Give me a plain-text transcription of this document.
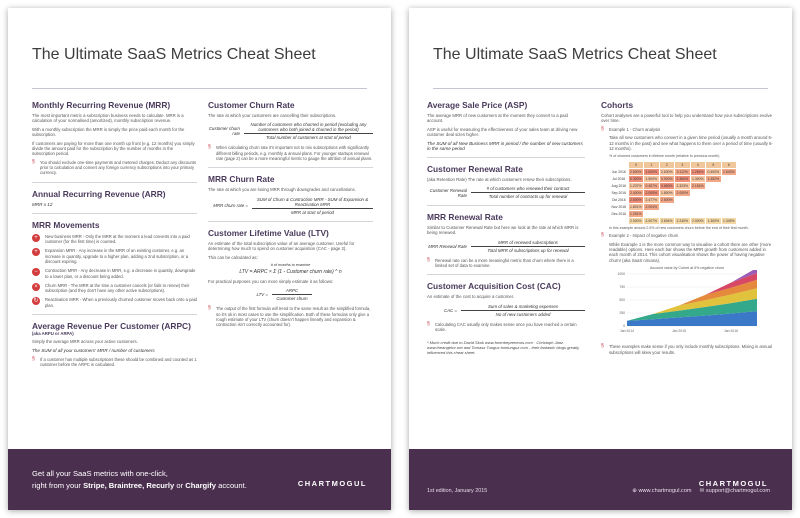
The Ultimate SaaS Metrics Cheat Sheet
Monthly Recurring Revenue (MRR)
The most important metric a subscription business needs to calculate. MRR is a calculation of your normalised (amortized), monthly subscription revenue.
With a monthly subscription the MRR is simply the price paid each month for the subscription.
If customers are paying for more than one month up front (e.g. 12 months) you simply divide the amount paid for the subscription by the number of months in the subscription period.
§	You should exclude one-time payments and metered charges. Deduct any discounts prior to calculation and convert any foreign currency subscriptions into your primary currency.
Annual Recurring Revenue (ARR)
MRR x 12
MRR Movements
+	New business MRR - Only the MRR at the moment a lead converts into a paid customer (for the first time) is counted.
+	Expansion MRR - Any increase in the MRR of an existing customer, e.g. an increase in quantity, upgrade to a higher plan, adding a 2nd subscription, or a discount expiring.
−	Contraction MRR - Any decrease in MRR, e.g. a decrease in quantity, downgrade to a lower plan, or a discount being added.
×	Churn MRR - The MRR at the time a customer cancels (or fails to renew) their subscription (and they don't have any other active subscriptions).
↻	Reactivation MRR - When a previously churned customer moves back onto a paid plan.
Average Revenue Per Customer (ARPC)
(aka ARPU or ARPA)
Simply the average MRR across your active customers.
The SUM of all your customers' MRR / number of customers
§	If a customer has multiple subscriptions these should be combined and counted as 1 customer before the ARPC is calculated.
Customer Churn Rate
The rate at which your customers are cancelling their subscriptions.
Customer churn rate
Number of customers who churned in period (excluding any customers who both joined & churned in the period)
Total number of customers at start of period
§	When calculating churn rate it's important not to mix subscriptions with significantly different billing periods, e.g. monthly & annual plans. For younger startups renewal rate (page 2) can be a more meaningful metric to gauge the attrition of annual plans.
MRR Churn Rate
The rate at which you are losing MRR through downgrades and cancellations.
MRR churn rate =
SUM of Churn & Contraction MRR - SUM of Expansion & Reactivation MRR
MRR at start of period
Customer Lifetime Value (LTV)
An estimate of the total subscription value of an average customer. Useful for determining how much to spend on customer acquisition (CAC - page 2).
This can be calculated as:
# of months to examine
LTV = ARPC × Σ (1 - Customer churn rate) ^ n
For practical purposes you can more simply estimate it as follows:
LTV = $\frac{\text{ARPC}}{\text{Customer churn}}$
§	The output of the first formula will trend to the same result as the simplified formula, so it's ok in most cases to use the simplification. Both of these formulas only give a rough estimate of your LTV (churn doesn't happen linearly and expansion & contraction isn't correctly accounted for).
Get all your SaaS metrics with one-click,
right from your Stripe, Braintree, Recurly or Chargify account.	CHARTMOGUL
The Ultimate SaaS Metrics Cheat Sheet
Average Sale Price (ASP)
The average MRR of new customers at the moment they convert to a paid account.
ASP is useful for measuring the effectiveness of your sales team at driving new customer deal sizes higher.
The SUM of all New Business MRR in period / the number of new customers in the same period
Customer Renewal Rate
(aka Retention Rate) The rate at which customers renew their subscriptions.
Customer Renewal Rate $\frac{\text{\# of customers who renewed their contract}}{\text{Total number of contracts up for renewal}}$
MRR Renewal Rate
Similar to Customer Renewal Rate but here we look at the rate at which MRR is being renewed.
MRR Renewal Rate $\frac{\text{MRR of renewed subscriptions}}{\text{Total MRR of subscriptions up for renewal}}$
§	Renewal rate can be a more meaningful metric than churn where there is a limited set of data to examine.
Customer Acquisition Cost (CAC)
An estimate of the cost to acquire a customer.
CAC = $\frac{\text{Sum of sales \& marketing expenses}}{\text{No of new customers added}}$
§	Calculating CAC usually only makes sense once you have reached a certain scale.
* Much credit due to David Skok www.forentrepreneurs.com · Christoph Janz www.theangelvc.net and Tomasz Tunguz tomtunguz.com - their fantastic blogs greatly influenced this cheat sheet.
Cohorts
Cohort analyses are a powerful tool to help you understand how your subscriptions evolve over time.
§	Example 1 - Churn analysis
Take all new customers who convert in a given time period (usually a month around 6-12 months in the past) and see what happens to them over a period of time (usually 6-12 months).
% of churned customers in lifetime month (relative to previous month)
	0	1	2	3	4	5	6
Jun 2016	2.500%	2.600%	2.630%	3.112%	1.254%	0.400%	1.543%
Jul 2016	0.300%	1.500%	0.900%	2.300%	1.300%	1.452%	
Aug 2016	1.237%	0.457%	0.650%	2.323%	2.154%		
Sep 2016	2.400%	2.000%	1.800%	2.000%			
Oct 2016	2.500%	2.477%	2.500%				
Nov 2016	1.801%	2.004%					
Dec 2016	1.251%						
	2.000%	2.007%	2.604%	2.240%	2.000%	1.300%	1.345%
In this example around 2.5% of new customers churn before the end of their first month.
§	Example 2 - Impact of negative churn
While Example 1 is the more common way to visualise a cohort there are other (more readable) options. Here each bar shows the MRR growth from customers added in each month of 2014. This cohort visualisation shows the power of having negative churn! (aka SaaS nirvana).
Account value by Cohort at 5% negative churn
0
250
500
750
1000
Jan 2014	Jan 2015	Jan 2016
§	These examples make sense if you only include monthly subscriptions. Mixing in annual subscriptions will skew your results.
1st edition, January 2015
CHARTMOGUL
⊕ www.chartmogul.com ✉ support@chartmogul.com
